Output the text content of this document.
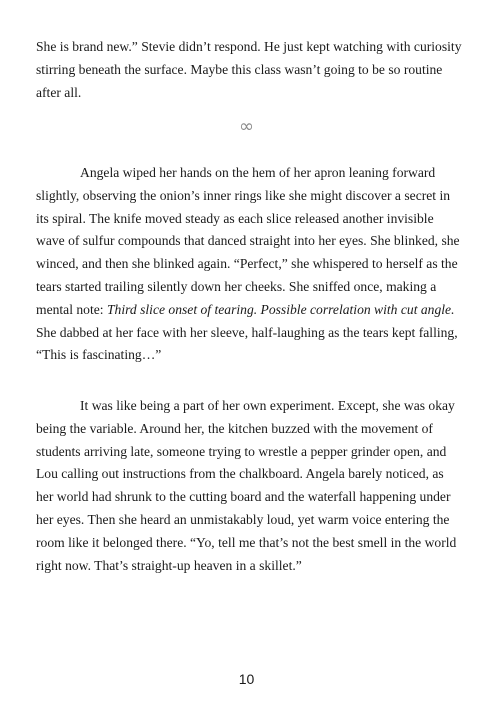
She is brand new.” Stevie didn’t respond. He just kept watching with curiosity stirring beneath the surface. Maybe this class wasn’t going to be so routine after all.

∞

Angela wiped her hands on the hem of her apron leaning forward slightly, observing the onion’s inner rings like she might discover a secret in its spiral. The knife moved steady as each slice released another invisible wave of sulfur compounds that danced straight into her eyes. She blinked, she winced, and then she blinked again. “Perfect,” she whispered to herself as the tears started trailing silently down her cheeks. She sniffed once, making a mental note: Third slice onset of tearing. Possible correlation with cut angle. She dabbed at her face with her sleeve, half-laughing as the tears kept falling, “This is fascinating…”

It was like being a part of her own experiment. Except, she was okay being the variable. Around her, the kitchen buzzed with the movement of students arriving late, someone trying to wrestle a pepper grinder open, and Lou calling out instructions from the chalkboard. Angela barely noticed, as her world had shrunk to the cutting board and the waterfall happening under her eyes. Then she heard an unmistakably loud, yet warm voice entering the room like it belonged there. “Yo, tell me that’s not the best smell in the world right now. That’s straight-up heaven in a skillet.”

10
